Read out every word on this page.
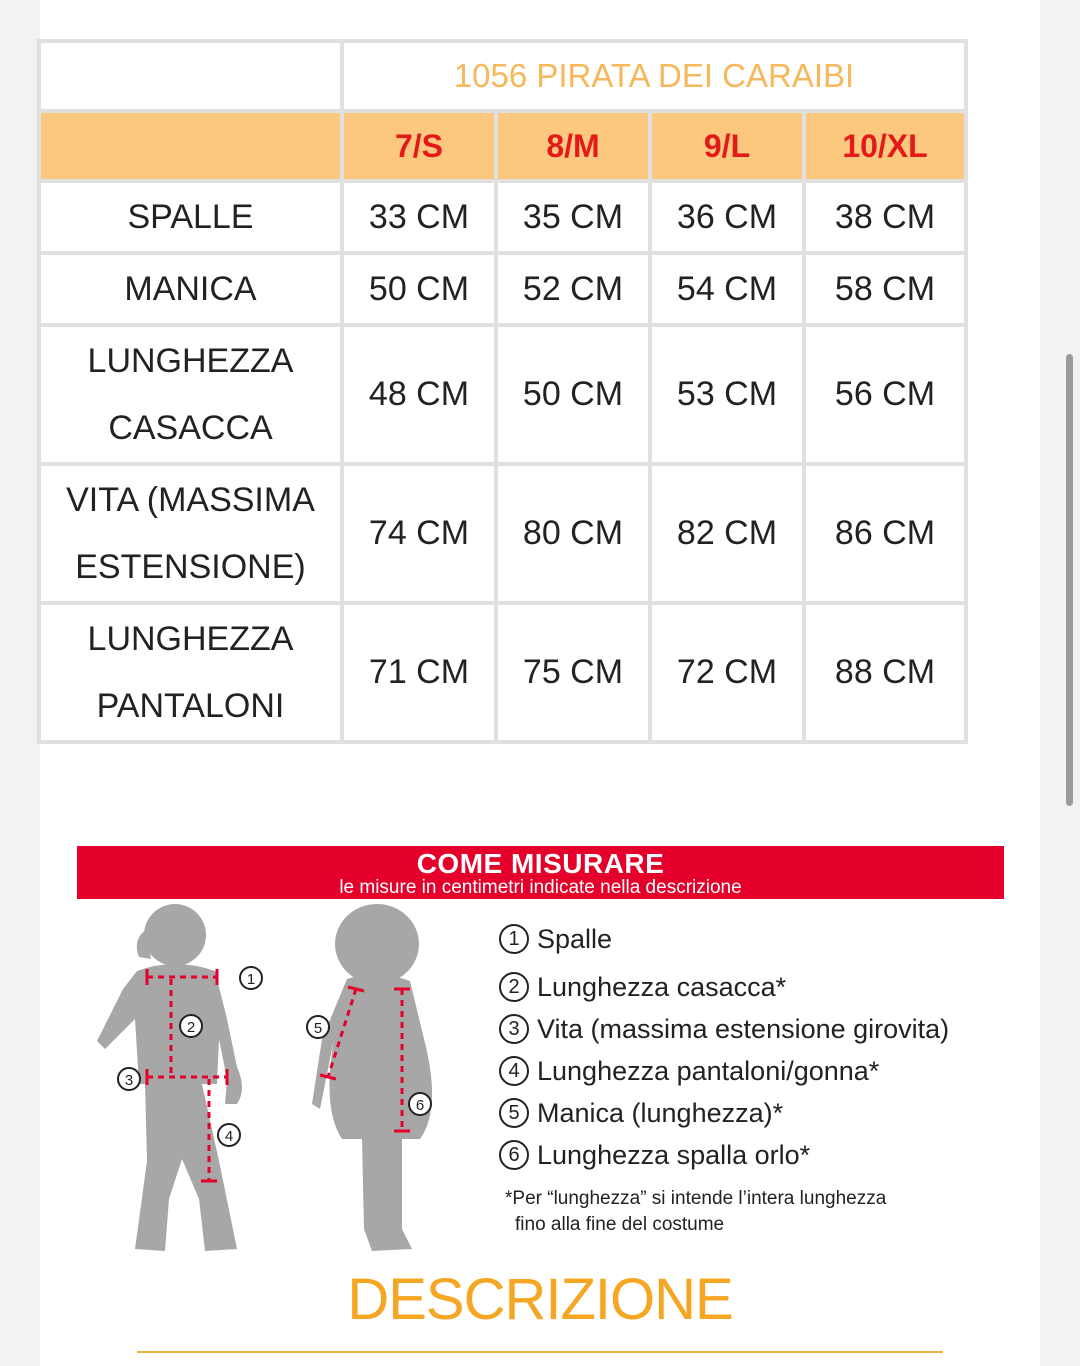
	1056 PIRATA DEI CARAIBI			
	7/S	8/M	9/L	10/XL
SPALLE	33 CM	35 CM	36 CM	38 CM
MANICA	50 CM	52 CM	54 CM	58 CM
LUNGHEZZA
CASACCA	48 CM	50 CM	53 CM	56 CM
VITA (MASSIMA
ESTENSIONE)	74 CM	80 CM	82 CM	86 CM
LUNGHEZZA
PANTALONI	71 CM	75 CM	72 CM	88 CM
COME MISURARE
le misure in centimetri indicate nella descrizione
1
2
3
4
5
6
1 Spalle
2 Lunghezza casacca*
3 Vita (massima estensione girovita)
4 Lunghezza pantaloni/gonna*
5 Manica (lunghezza)*
6 Lunghezza spalla orlo*
*Per “lunghezza” si intende l’intera lunghezza
fino alla fine del costume
DESCRIZIONE
